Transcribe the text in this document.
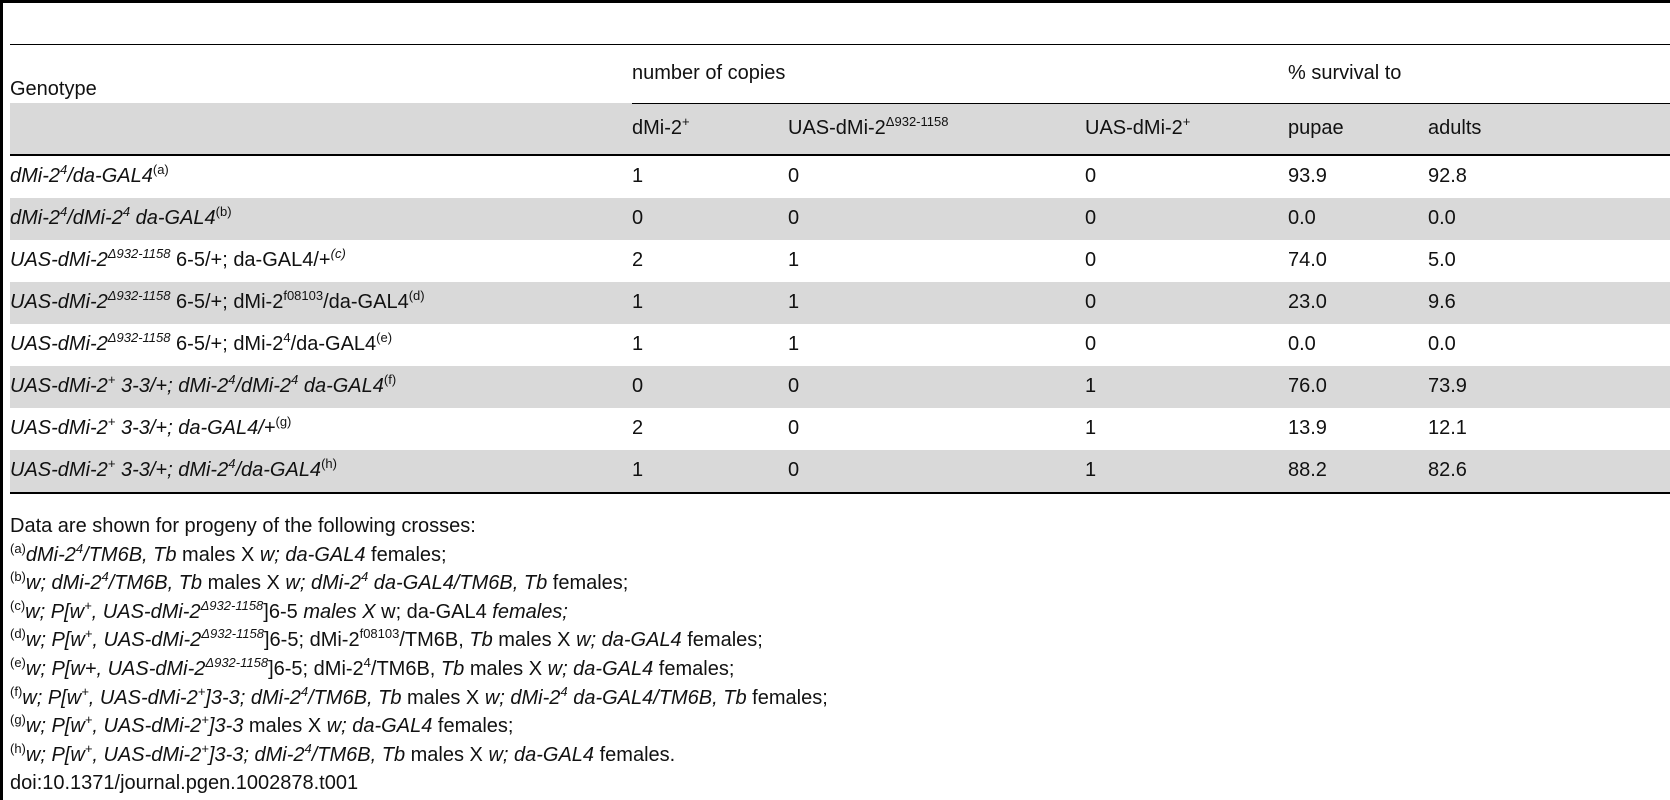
Genotype	number of copies			% survival to	
	dMi-2+	UAS-$dMi-2^{\Delta 932-1158}$	UAS-dMi-2+	pupae	adults
dMi-$2^4/da-GAL4^{(a)}$	1	0	0	93.9	92.8
dMi-$2^4/dMi-2^4$ da-GAL4$^{(b)}$	0	0	0	0.0	0.0
UAS-$dMi-2^{\Delta 932-1158}$ 6-5/+; da-GAL4/+$^{(c)}$	2	1	0	74.0	5.0
UAS-$dMi-2^{\Delta 932-1158}$ 6-5/+; dMi-$2^{f08103}/da-GAL4^{(d)}$	1	1	0	23.0	9.6
UAS-$dMi-2^{\Delta 932-1158}$ 6-5/+; dMi-$2^4/da-GAL4^{(e)}$	1	1	0	0.0	0.0
UAS-dMi-2+ 3-3/+; dMi-$2^4/dMi-2^4$ da-GAL4$^{(f)}$	0	0	1	76.0	73.9
UAS-dMi-2+ 3-3/+; da-GAL4/+$^{(g)}$	2	0	1	13.9	12.1
UAS-dMi-2+ 3-3/+; dMi-$2^4/da-GAL4^{(h)}$	1	0	1	88.2	82.6
Data are shown for progeny of the following crosses:
$^{(a)}dMi-2^4/TM6B$, Tb males X w; da-GAL4 females;
$^{(b)}$w; dMi-$2^4/TM6B$, Tb males X w; dMi-$2^4$ da-GAL4/TM6B, Tb females;
$^{(c)}$w; P[w+, UAS-$dMi-2^{\Delta 932-1158}]6-5$ males X w; da-GAL4 females;
$^{(d)}$w; P[w+, UAS-$dMi-2^{\Delta 932-1158}]6-5$; dMi-$2^{f08103}/TM6B$, Tb males X w; da-GAL4 females;
$^{(e)}$w; P[w+, UAS-$dMi-2^{\Delta 932-1158}]6-5$; dMi-$2^4/TM6B$, Tb males X w; da-GAL4 females;
$^{(f)}$w; P[w+, UAS-dMi-2+]3-3; dMi-$2^4/TM6B$, Tb males X w; dMi-$2^4$ da-GAL4/TM6B, Tb females;
$^{(g)}$w; P[w+, UAS-dMi-2+]3-3 males X w; da-GAL4 females;
$^{(h)}$w; P[w+, UAS-dMi-2+]3-3; dMi-$2^4/TM6B$, Tb males X w; da-GAL4 females.
doi:10.1371/journal.pgen.1002878.t001
